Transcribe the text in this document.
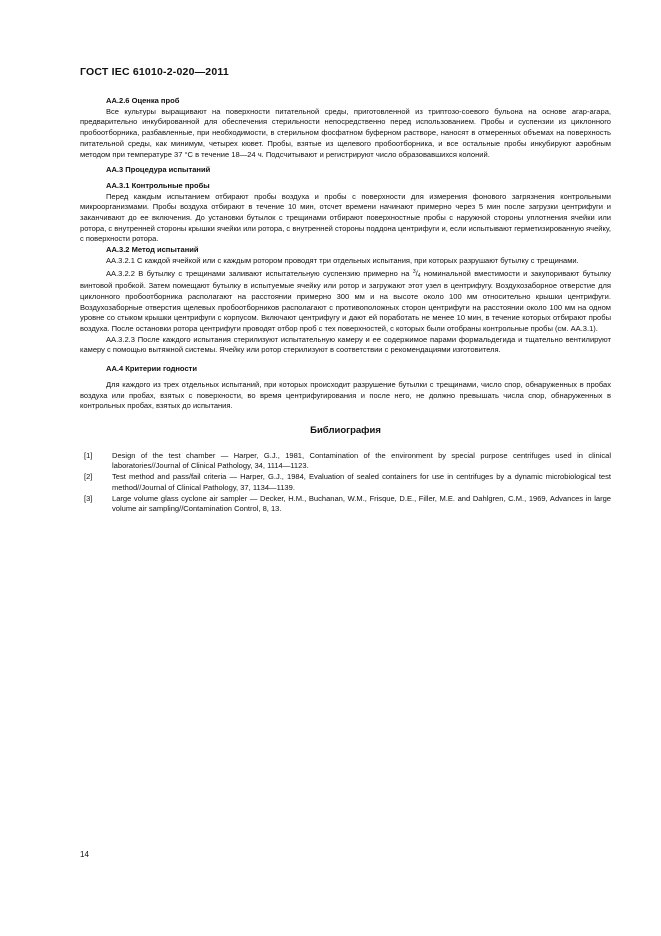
ГОСТ IEC 61010-2-020—2011
AA.2.6 Оценка проб

Все культуры выращивают на поверхности питательной среды, приготовленной из триптозо-соевого бульона на основе агар-агара, предварительно инкубированной для обеспечения стерильности непосредственно перед использованием. Пробы и суспензии из циклонного пробоотборника, разбавленные, при необходимости, в стерильном фосфатном буферном растворе, наносят в отмеренных объемах на поверхность питательной среды, как минимум, четырех кювет. Пробы, взятые из щелевого пробоотборника, и все остальные пробы инкубируют аэробным методом при температуре 37 °С в течение 18—24 ч. Подсчитывают и регистрируют число образовавшихся колоний.

АА.3 Процедура испытаний
АА.3.1 Контрольные пробы

Перед каждым испытанием отбирают пробы воздуха и пробы с поверхности для измерения фонового загрязнения контрольными микроорганизмами. Пробы воздуха отбирают в течение 10 мин, отсчет времени начинают примерно через 5 мин после загрузки центрифуги и заканчивают до ее включения. До установки бутылок с трещинами отбирают поверхностные пробы с наружной стороны уплотнения ячейки или ротора, с внутренней стороны крышки ячейки или ротора, с внутренней стороны поддона центрифуги и, если испытывают герметизированную ячейку, с поверхности ротора.

АА.3.2 Метод испытаний

АА.3.2.1 С каждой ячейкой или с каждым ротором проводят три отдельных испытания, при которых разрушают бутылку с трещинами.

АА.3.2.2 В бутылку с трещинами заливают испытательную суспензию примерно на $^3/_4$ номинальной вместимости и закупоривают бутылку винтовой пробкой. Затем помещают бутылку в испытуемые ячейку или ротор и загружают этот узел в центрифугу. Воздухозаборное отверстие для циклонного пробоотборника располагают на расстоянии примерно 300 мм и на высоте около 100 мм относительно крышки центрифуги. Воздухозаборные отверстия щелевых пробоотборников располагают с противоположных сторон центрифуги на расстоянии около 100 мм на одном уровне со стыком крышки центрифуги с корпусом. Включают центрифугу и дают ей поработать не менее 10 мин, в течение которых отбирают пробы воздуха. После остановки ротора центрифуги проводят отбор проб с тех поверхностей, с которых были отобраны контрольные пробы (см. АА.3.1).

АА.3.2.3 После каждого испытания стерилизуют испытательную камеру и ее содержимое парами формальдегида и тщательно вентилируют камеру с помощью вытяжной системы. Ячейку или ротор стерилизуют в соответствии с рекомендациями изготовителя.

АА.4 Критерии годности

Для каждого из трех отдельных испытаний, при которых происходит разрушение бутылки с трещинами, число спор, обнаруженных в пробах воздуха или пробах, взятых с поверхности, во время центрифугирования и после него, не должно превышать числа спор, обнаруженных в контрольных пробах, взятых до испытания.

Библиография
[1]	Design of the test chamber — Harper, G.J., 1981, Contamination of the environment by special purpose centrifuges used in clinical laboratories//Journal of Clinical Pathology, 34, 1114—1123.
[2]	Test method and pass/fail criteria — Harper, G.J., 1984, Evaluation of sealed containers for use in centrifuges by a dynamic microbiological test method//Journal of Clinical Pathology, 37, 1134—1139.
[3]	Large volume glass cyclone air sampler — Decker, H.M., Buchanan, W.M., Frisque, D.E., Filler, M.E. and Dahlgren, C.M., 1969, Advances in large volume air sampling//Contamination Control, 8, 13.
14
